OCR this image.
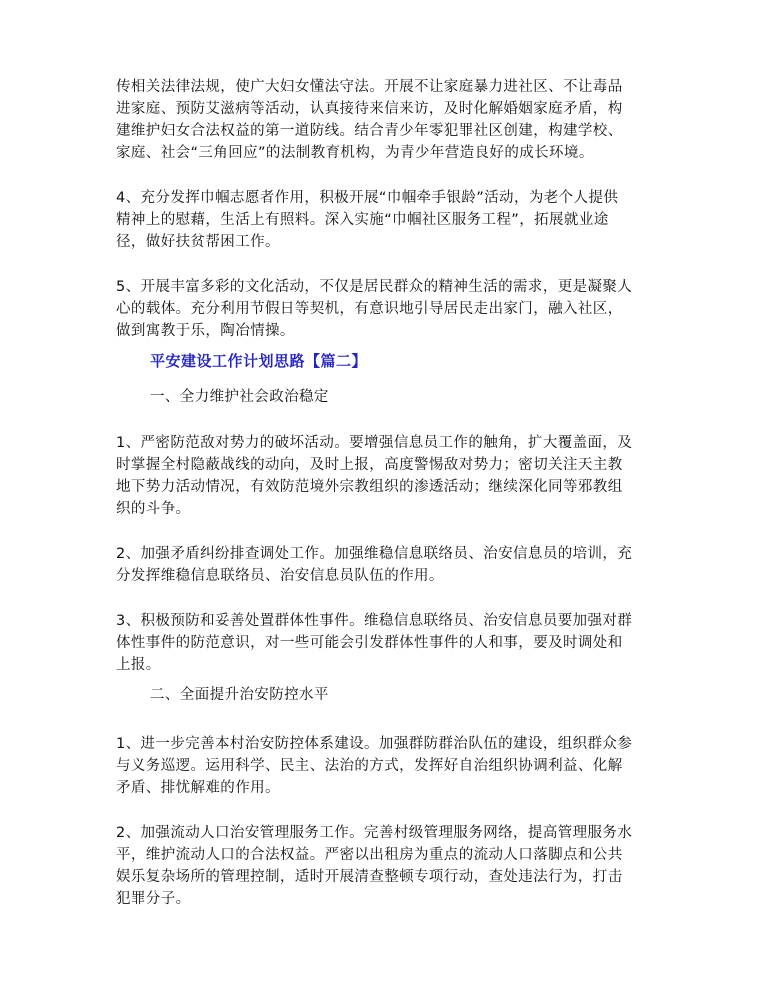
传相关法律法规，使广大妇女懂法守法。开展不让家庭暴力进社区、不让毒品
进家庭、预防艾滋病等活动，认真接待来信来访，及时化解婚姻家庭矛盾，构
建维护妇女合法权益的第一道防线。结合青少年零犯罪社区创建，构建学校、
家庭、社会“三角回应”的法制教育机构，为青少年营造良好的成长环境。

4、充分发挥巾帼志愿者作用，积极开展“巾帼牵手银龄”活动，为老个人提供
精神上的慰藉，生活上有照料。深入实施“巾帼社区服务工程”，拓展就业途
径，做好扶贫帮困工作。

5、开展丰富多彩的文化活动，不仅是居民群众的精神生活的需求，更是凝聚人
心的载体。充分利用节假日等契机，有意识地引导居民走出家门，融入社区，
做到寓教于乐，陶冶情操。

平安建设工作计划思路【篇二】

一、全力维护社会政治稳定

1、严密防范敌对势力的破坏活动。要增强信息员工作的触角，扩大覆盖面，及
时掌握全村隐蔽战线的动向，及时上报，高度警惕敌对势力；密切关注天主教
地下势力活动情况，有效防范境外宗教组织的渗透活动；继续深化同等邪教组
织的斗争。

2、加强矛盾纠纷排查调处工作。加强维稳信息联络员、治安信息员的培训，充
分发挥维稳信息联络员、治安信息员队伍的作用。

3、积极预防和妥善处置群体性事件。维稳信息联络员、治安信息员要加强对群
体性事件的防范意识，对一些可能会引发群体性事件的人和事，要及时调处和
上报。

二、全面提升治安防控水平

1、进一步完善本村治安防控体系建设。加强群防群治队伍的建设，组织群众参
与义务巡逻。运用科学、民主、法治的方式，发挥好自治组织协调利益、化解
矛盾、排忧解难的作用。

2、加强流动人口治安管理服务工作。完善村级管理服务网络，提高管理服务水
平，维护流动人口的合法权益。严密以出租房为重点的流动人口落脚点和公共
娱乐复杂场所的管理控制，适时开展清查整顿专项行动，查处违法行为，打击
犯罪分子。
